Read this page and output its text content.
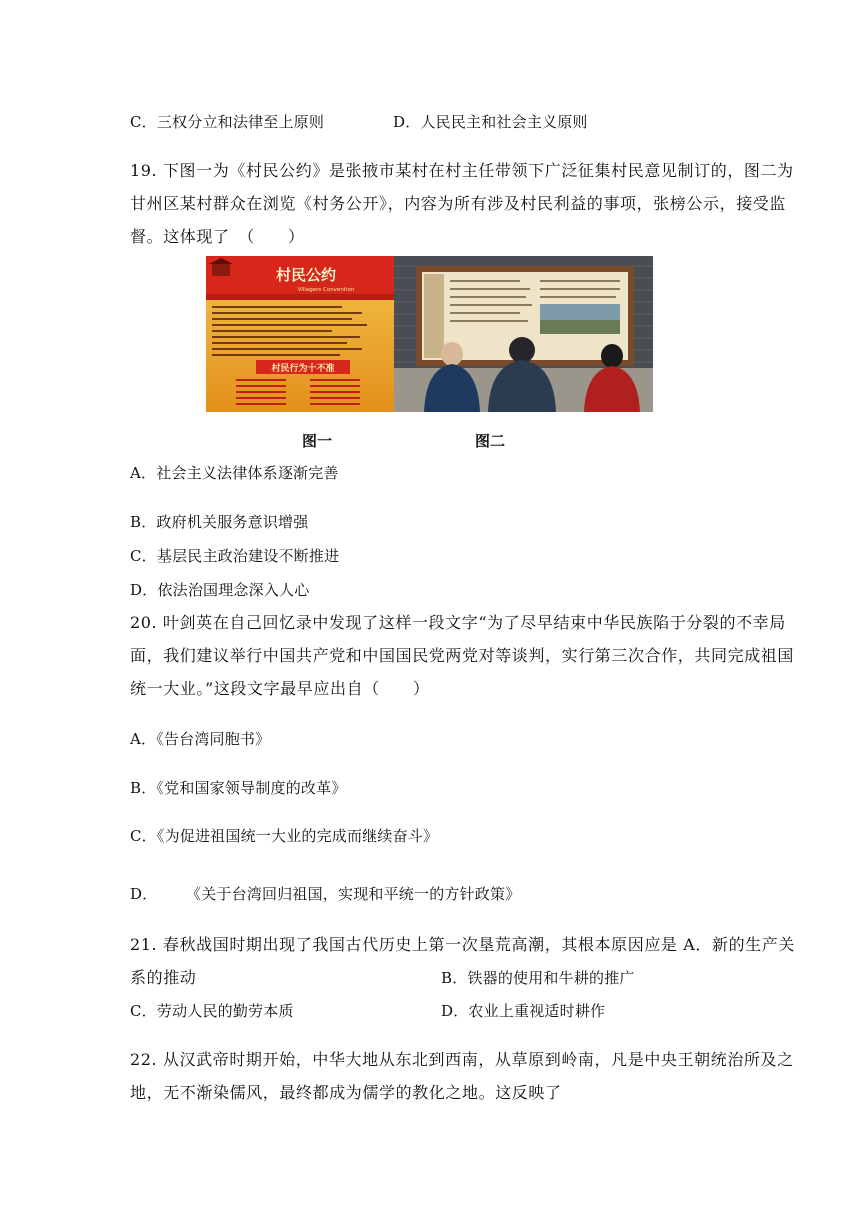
C．三权分立和法律至上原则	D．人民民主和社会主义原则
19. 下图一为《村民公约》是张掖市某村在村主任带领下广泛征集村民意见制订的，图二为
甘州区某村群众在浏览《村务公开》，内容为所有涉及村民利益的事项，张榜公示，接受监
督。这体现了　（　　）
村民公约
Villagers Convention
村民行为十不准
图一	图二
A．社会主义法律体系逐渐完善
B．政府机关服务意识增强
C．基层民主政治建设不断推进
D．依法治国理念深入人心
20. 叶剑英在自己回忆录中发现了这样一段文字“为了尽早结束中华民族陷于分裂的不幸局
面，我们建议举行中国共产党和中国国民党两党对等谈判，实行第三次合作，共同完成祖国
统一大业。”这段文字最早应出自（　　）
A．《告台湾同胞书》
B．《党和国家领导制度的改革》
C．《为促进祖国统一大业的完成而继续奋斗》
D． 《关于台湾回归祖国，实现和平统一的方针政策》
21. 春秋战国时期出现了我国古代历史上第一次垦荒高潮，其根本原因应是 A．新的生产关
系的推动	B．铁器的使用和牛耕的推广
C．劳动人民的勤劳本质	D．农业上重视适时耕作
22. 从汉武帝时期开始，中华大地从东北到西南，从草原到岭南，凡是中央王朝统治所及之
地，无不渐染儒风，最终都成为儒学的教化之地。这反映了
